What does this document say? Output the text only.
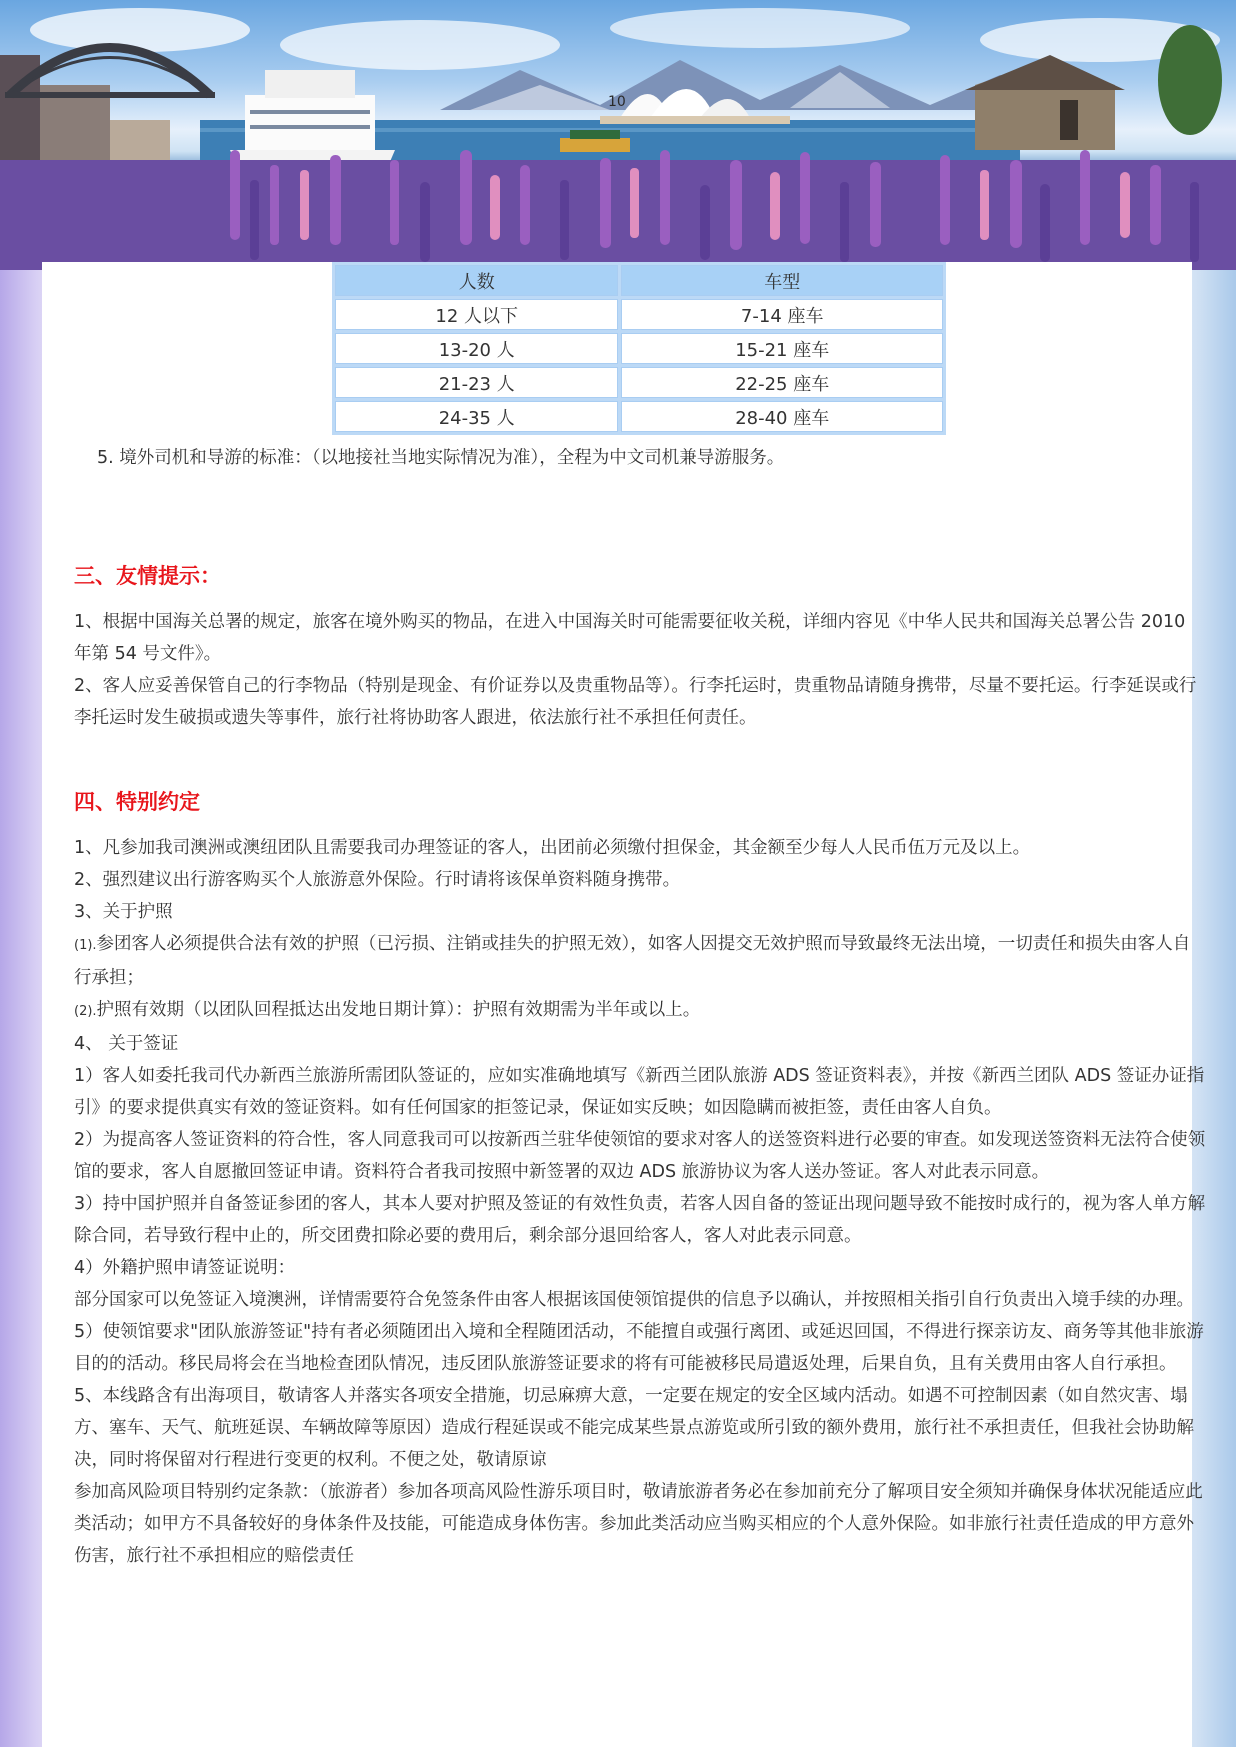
10
人数	车型
12 人以下	7-14 座车
13-20 人	15-21 座车
21-23 人	22-25 座车
24-35 人	28-40 座车
5. 境外司机和导游的标准：（以地接社当地实际情况为准），全程为中文司机兼导游服务。
三、友情提示：

1、根据中国海关总署的规定，旅客在境外购买的物品，在进入中国海关时可能需要征收关税，详细内容见《中华人民共和国海关总署公告 2010 年第 54 号文件》。

2、客人应妥善保管自己的行李物品（特别是现金、有价证券以及贵重物品等）。行李托运时，贵重物品请随身携带，尽量不要托运。行李延误或行李托运时发生破损或遗失等事件，旅行社将协助客人跟进，依法旅行社不承担任何责任。

四、特别约定

1、凡参加我司澳洲或澳纽团队且需要我司办理签证的客人，出团前必须缴付担保金，其金额至少每人人民币伍万元及以上。

2、强烈建议出行游客购买个人旅游意外保险。行时请将该保单资料随身携带。

3、关于护照

(1).参团客人必须提供合法有效的护照（已污损、注销或挂失的护照无效），如客人因提交无效护照而导致最终无法出境，一切责任和损失由客人自行承担；

(2).护照有效期（以团队回程抵达出发地日期计算）：护照有效期需为半年或以上。

4、 关于签证

1）客人如委托我司代办新西兰旅游所需团队签证的，应如实准确地填写《新西兰团队旅游 ADS 签证资料表》，并按《新西兰团队 ADS 签证办证指引》的要求提供真实有效的签证资料。如有任何国家的拒签记录，保证如实反映；如因隐瞒而被拒签，责任由客人自负。

2）为提高客人签证资料的符合性，客人同意我司可以按新西兰驻华使领馆的要求对客人的送签资料进行必要的审查。如发现送签资料无法符合使领馆的要求，客人自愿撤回签证申请。资料符合者我司按照中新签署的双边 ADS 旅游协议为客人送办签证。客人对此表示同意。

3）持中国护照并自备签证参团的客人，其本人要对护照及签证的有效性负责，若客人因自备的签证出现问题导致不能按时成行的，视为客人单方解除合同，若导致行程中止的，所交团费扣除必要的费用后，剩余部分退回给客人，客人对此表示同意。

4）外籍护照申请签证说明：

部分国家可以免签证入境澳洲，详情需要符合免签条件由客人根据该国使领馆提供的信息予以确认，并按照相关指引自行负责出入境手续的办理。

5）使领馆要求"团队旅游签证"持有者必须随团出入境和全程随团活动，不能擅自或强行离团、或延迟回国，不得进行探亲访友、商务等其他非旅游目的的活动。移民局将会在当地检查团队情况，违反团队旅游签证要求的将有可能被移民局遣返处理，后果自负，且有关费用由客人自行承担。

5、本线路含有出海项目，敬请客人并落实各项安全措施，切忌麻痹大意，一定要在规定的安全区域内活动。如遇不可控制因素（如自然灾害、塌方、塞车、天气、航班延误、车辆故障等原因）造成行程延误或不能完成某些景点游览或所引致的额外费用，旅行社不承担责任，但我社会协助解决，同时将保留对行程进行变更的权利。不便之处，敬请原谅

参加高风险项目特别约定条款：（旅游者）参加各项高风险性游乐项目时，敬请旅游者务必在参加前充分了解项目安全须知并确保身体状况能适应此类活动；如甲方不具备较好的身体条件及技能，可能造成身体伤害。参加此类活动应当购买相应的个人意外保险。如非旅行社责任造成的甲方意外伤害，旅行社不承担相应的赔偿责任
